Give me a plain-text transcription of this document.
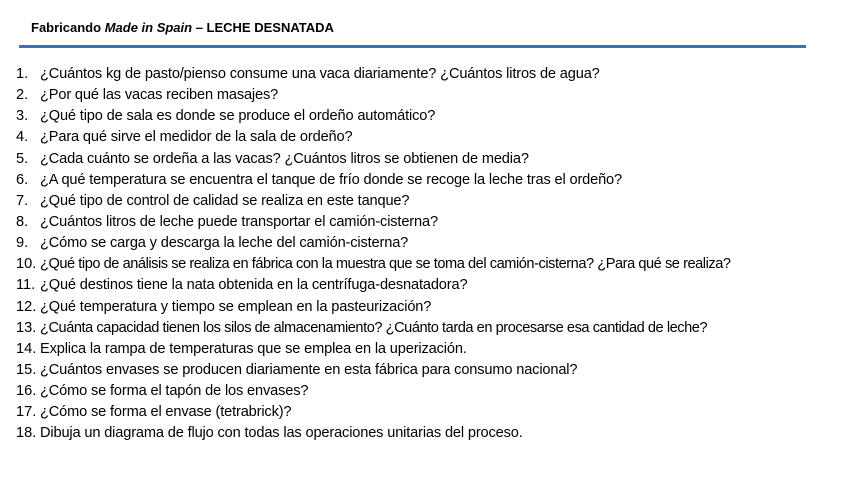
Fabricando Made in Spain – LECHE DESNATADA
1. ¿Cuántos kg de pasto/pienso consume una vaca diariamente? ¿Cuántos litros de agua?
2. ¿Por qué las vacas reciben masajes?
3. ¿Qué tipo de sala es donde se produce el ordeño automático?
4. ¿Para qué sirve el medidor de la sala de ordeño?
5. ¿Cada cuánto se ordeña a las vacas? ¿Cuántos litros se obtienen de media?
6. ¿A qué temperatura se encuentra el tanque de frío donde se recoge la leche tras el ordeño?
7. ¿Qué tipo de control de calidad se realiza en este tanque?
8. ¿Cuántos litros de leche puede transportar el camión-cisterna?
9. ¿Cómo se carga y descarga la leche del camión-cisterna?
10. ¿Qué tipo de análisis se realiza en fábrica con la muestra que se toma del camión-cisterna? ¿Para qué se realiza?
11. ¿Qué destinos tiene la nata obtenida en la centrífuga-desnatadora?
12. ¿Qué temperatura y tiempo se emplean en la pasteurización?
13. ¿Cuánta capacidad tienen los silos de almacenamiento? ¿Cuánto tarda en procesarse esa cantidad de leche?
14. Explica la rampa de temperaturas que se emplea en la uperización.
15. ¿Cuántos envases se producen diariamente en esta fábrica para consumo nacional?
16. ¿Cómo se forma el tapón de los envases?
17. ¿Cómo se forma el envase (tetrabrick)?
18. Dibuja un diagrama de flujo con todas las operaciones unitarias del proceso.
